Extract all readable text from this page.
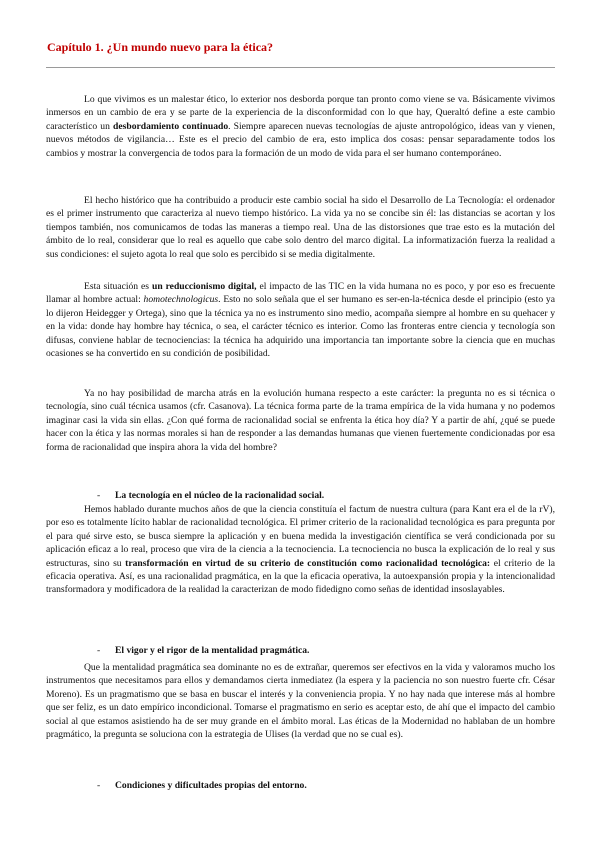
Capítulo 1. ¿Un mundo nuevo para la ética?

Lo que vivimos es un malestar ético, lo exterior nos desborda porque tan pronto como viene se va. Básicamente vivimos inmersos en un cambio de era y se parte de la experiencia de la disconformidad con lo que hay, Queraltó define a este cambio característico un desbordamiento continuado. Siempre aparecen nuevas tecnologías de ajuste antropológico, ideas van y vienen, nuevos métodos de vigilancia… Este es el precio del cambio de era, esto implica dos cosas: pensar separadamente todos los cambios y mostrar la convergencia de todos para la formación de un modo de vida para el ser humano contemporáneo.

El hecho histórico que ha contribuido a producir este cambio social ha sido el Desarrollo de La Tecnología: el ordenador es el primer instrumento que caracteriza al nuevo tiempo histórico. La vida ya no se concibe sin él: las distancias se acortan y los tiempos también, nos comunicamos de todas las maneras a tiempo real. Una de las distorsiones que trae esto es la mutación del ámbito de lo real, considerar que lo real es aquello que cabe solo dentro del marco digital. La informatización fuerza la realidad a sus condiciones: el sujeto agota lo real que solo es percibido si se media digitalmente.

Esta situación es un reduccionismo digital, el impacto de las TIC en la vida humana no es poco, y por eso es frecuente llamar al hombre actual: homotechnologicus. Esto no solo señala que el ser humano es ser-en-la-técnica desde el principio (esto ya lo dijeron Heidegger y Ortega), sino que la técnica ya no es instrumento sino medio, acompaña siempre al hombre en su quehacer y en la vida: donde hay hombre hay técnica, o sea, el carácter técnico es interior. Como las fronteras entre ciencia y tecnología son difusas, conviene hablar de tecnociencias: la técnica ha adquirido una importancia tan importante sobre la ciencia que en muchas ocasiones se ha convertido en su condición de posibilidad.

Ya no hay posibilidad de marcha atrás en la evolución humana respecto a este carácter: la pregunta no es si técnica o tecnología, sino cuál técnica usamos (cfr. Casanova). La técnica forma parte de la trama empírica de la vida humana y no podemos imaginar casi la vida sin ellas. ¿Con qué forma de racionalidad social se enfrenta la ética hoy día? Y a partir de ahí, ¿qué se puede hacer con la ética y las normas morales si han de responder a las demandas humanas que vienen fuertemente condicionadas por esa forma de racionalidad que inspira ahora la vida del hombre?

- La tecnología en el núcleo de la racionalidad social.

Hemos hablado durante muchos años de que la ciencia constituía el factum de nuestra cultura (para Kant era el de la rV), por eso es totalmente lícito hablar de racionalidad tecnológica. El primer criterio de la racionalidad tecnológica es para pregunta por el para qué sirve esto, se busca siempre la aplicación y en buena medida la investigación científica se verá condicionada por su aplicación eficaz a lo real, proceso que vira de la ciencia a la tecnociencia. La tecnociencia no busca la explicación de lo real y sus estructuras, sino su transformación en virtud de su criterio de constitución como racionalidad tecnológica: el criterio de la eficacia operativa. Así, es una racionalidad pragmática, en la que la eficacia operativa, la autoexpansión propia y la intencionalidad transformadora y modificadora de la realidad la caracterizan de modo fidedigno como señas de identidad insoslayables.

- El vigor y el rigor de la mentalidad pragmática.

Que la mentalidad pragmática sea dominante no es de extrañar, queremos ser efectivos en la vida y valoramos mucho los instrumentos que necesitamos para ellos y demandamos cierta inmediatez (la espera y la paciencia no son nuestro fuerte cfr. César Moreno). Es un pragmatismo que se basa en buscar el interés y la conveniencia propia. Y no hay nada que interese más al hombre que ser feliz, es un dato empírico incondicional. Tomarse el pragmatismo en serio es aceptar esto, de ahí que el impacto del cambio social al que estamos asistiendo ha de ser muy grande en el ámbito moral. Las éticas de la Modernidad no hablaban de un hombre pragmático, la pregunta se soluciona con la estrategia de Ulises (la verdad que no se cual es).

- Condiciones y dificultades propias del entorno.
